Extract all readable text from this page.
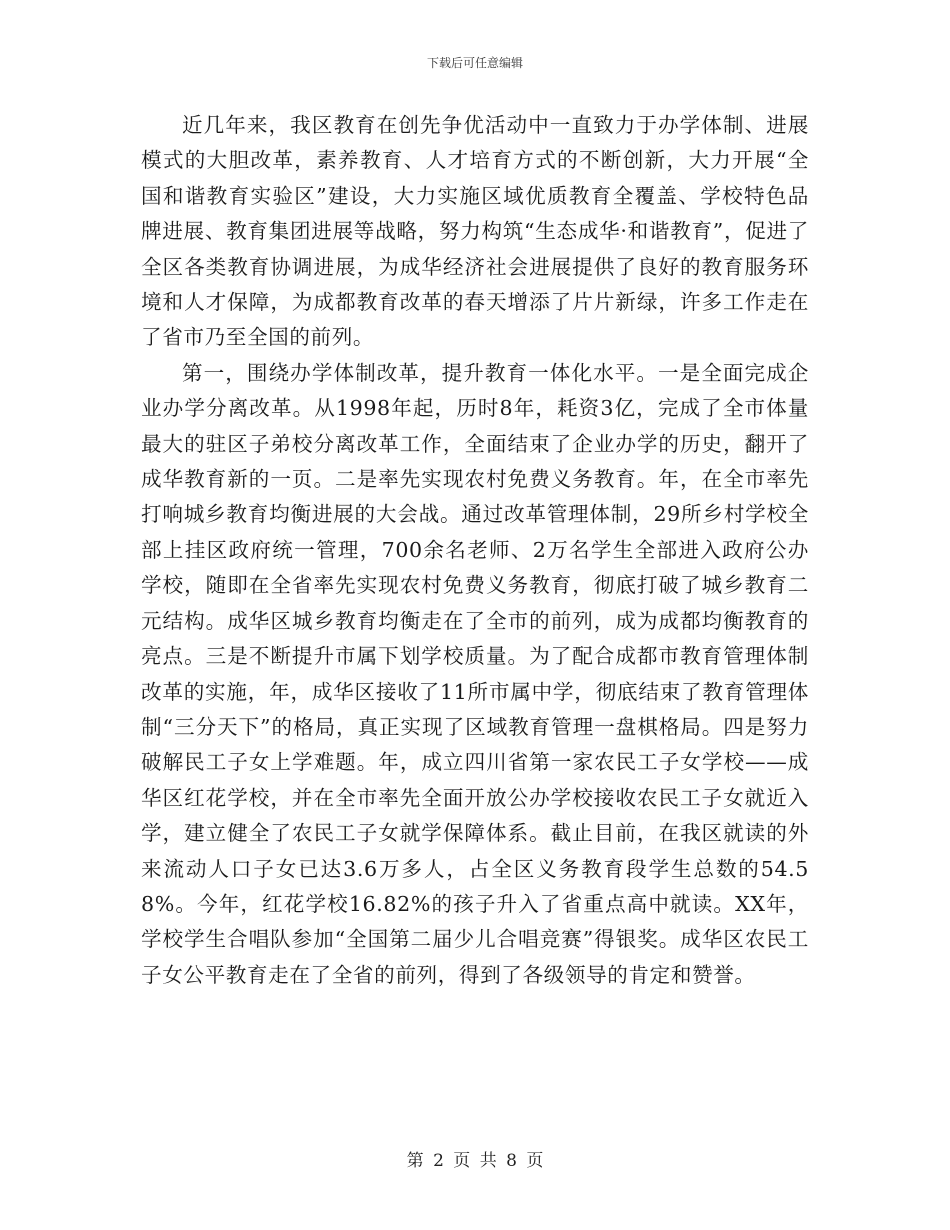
下载后可任意编辑

近几年来，我区教育在创先争优活动中一直致力于办学体制、进展模式的大胆改革，素养教育、人才培育方式的不断创新，大力开展“全国和谐教育实验区”建设，大力实施区域优质教育全覆盖、学校特色品牌进展、教育集团进展等战略，努力构筑“生态成华·和谐教育”，促进了全区各类教育协调进展，为成华经济社会进展提供了良好的教育服务环境和人才保障，为成都教育改革的春天增添了片片新绿，许多工作走在了省市乃至全国的前列。

第一，围绕办学体制改革，提升教育一体化水平。一是全面完成企业办学分离改革。从1998年起，历时8年，耗资3亿，完成了全市体量最大的驻区子弟校分离改革工作，全面结束了企业办学的历史，翻开了成华教育新的一页。二是率先实现农村免费义务教育。年，在全市率先打响城乡教育均衡进展的大会战。通过改革管理体制，29所乡村学校全部上挂区政府统一管理，700余名老师、2万名学生全部进入政府公办学校，随即在全省率先实现农村免费义务教育，彻底打破了城乡教育二元结构。成华区城乡教育均衡走在了全市的前列，成为成都均衡教育的亮点。三是不断提升市属下划学校质量。为了配合成都市教育管理体制改革的实施，年，成华区接收了11所市属中学，彻底结束了教育管理体制“三分天下”的格局，真正实现了区域教育管理一盘棋格局。四是努力破解民工子女上学难题。年，成立四川省第一家农民工子女学校——成华区红花学校，并在全市率先全面开放公办学校接收农民工子女就近入学，建立健全了农民工子女就学保障体系。截止目前，在我区就读的外来流动人口子女已达3.6万多人，占全区义务教育段学生总数的54.58%。今年，红花学校16.82%的孩子升入了省重点高中就读。XX年，学校学生合唱队参加“全国第二届少儿合唱竞赛”得银奖。成华区农民工子女公平教育走在了全省的前列，得到了各级领导的肯定和赞誉。

第 2 页 共 8 页
